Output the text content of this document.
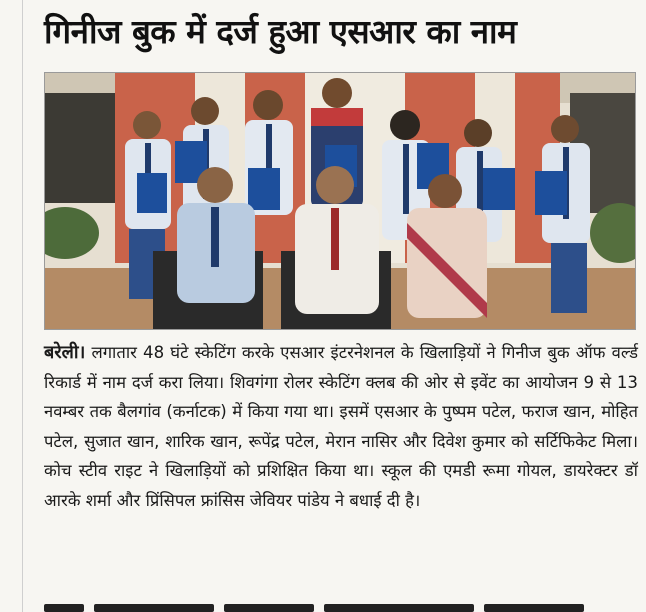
गिनीज बुक में दर्ज हुआ एसआर का नाम
बरेली। लगातार 48 घंटे स्केटिंग करके एसआर इंटरनेशनल के खिलाड़ियों ने गिनीज बुक ऑफ वर्ल्ड रिकार्ड में नाम दर्ज करा लिया। शिवगंगा रोलर स्केटिंग क्लब की ओर से इवेंट का आयोजन 9 से 13 नवम्बर तक बैलगांव (कर्नाटक) में किया गया था। इसमें एसआर के पुष्पम पटेल, फराज खान, मोहित पटेल, सुजात खान, शारिक खान, रूपेंद्र पटेल, मेरान नासिर और दिवेश कुमार को सर्टिफिकेट मिला। कोच स्टीव राइट ने खिलाड़ियों को प्रशिक्षित किया था। स्कूल की एमडी रूमा गोयल, डायरेक्टर डॉ आरके शर्मा और प्रिंसिपल फ्रांसिस जेवियर पांडेय ने बधाई दी है।
